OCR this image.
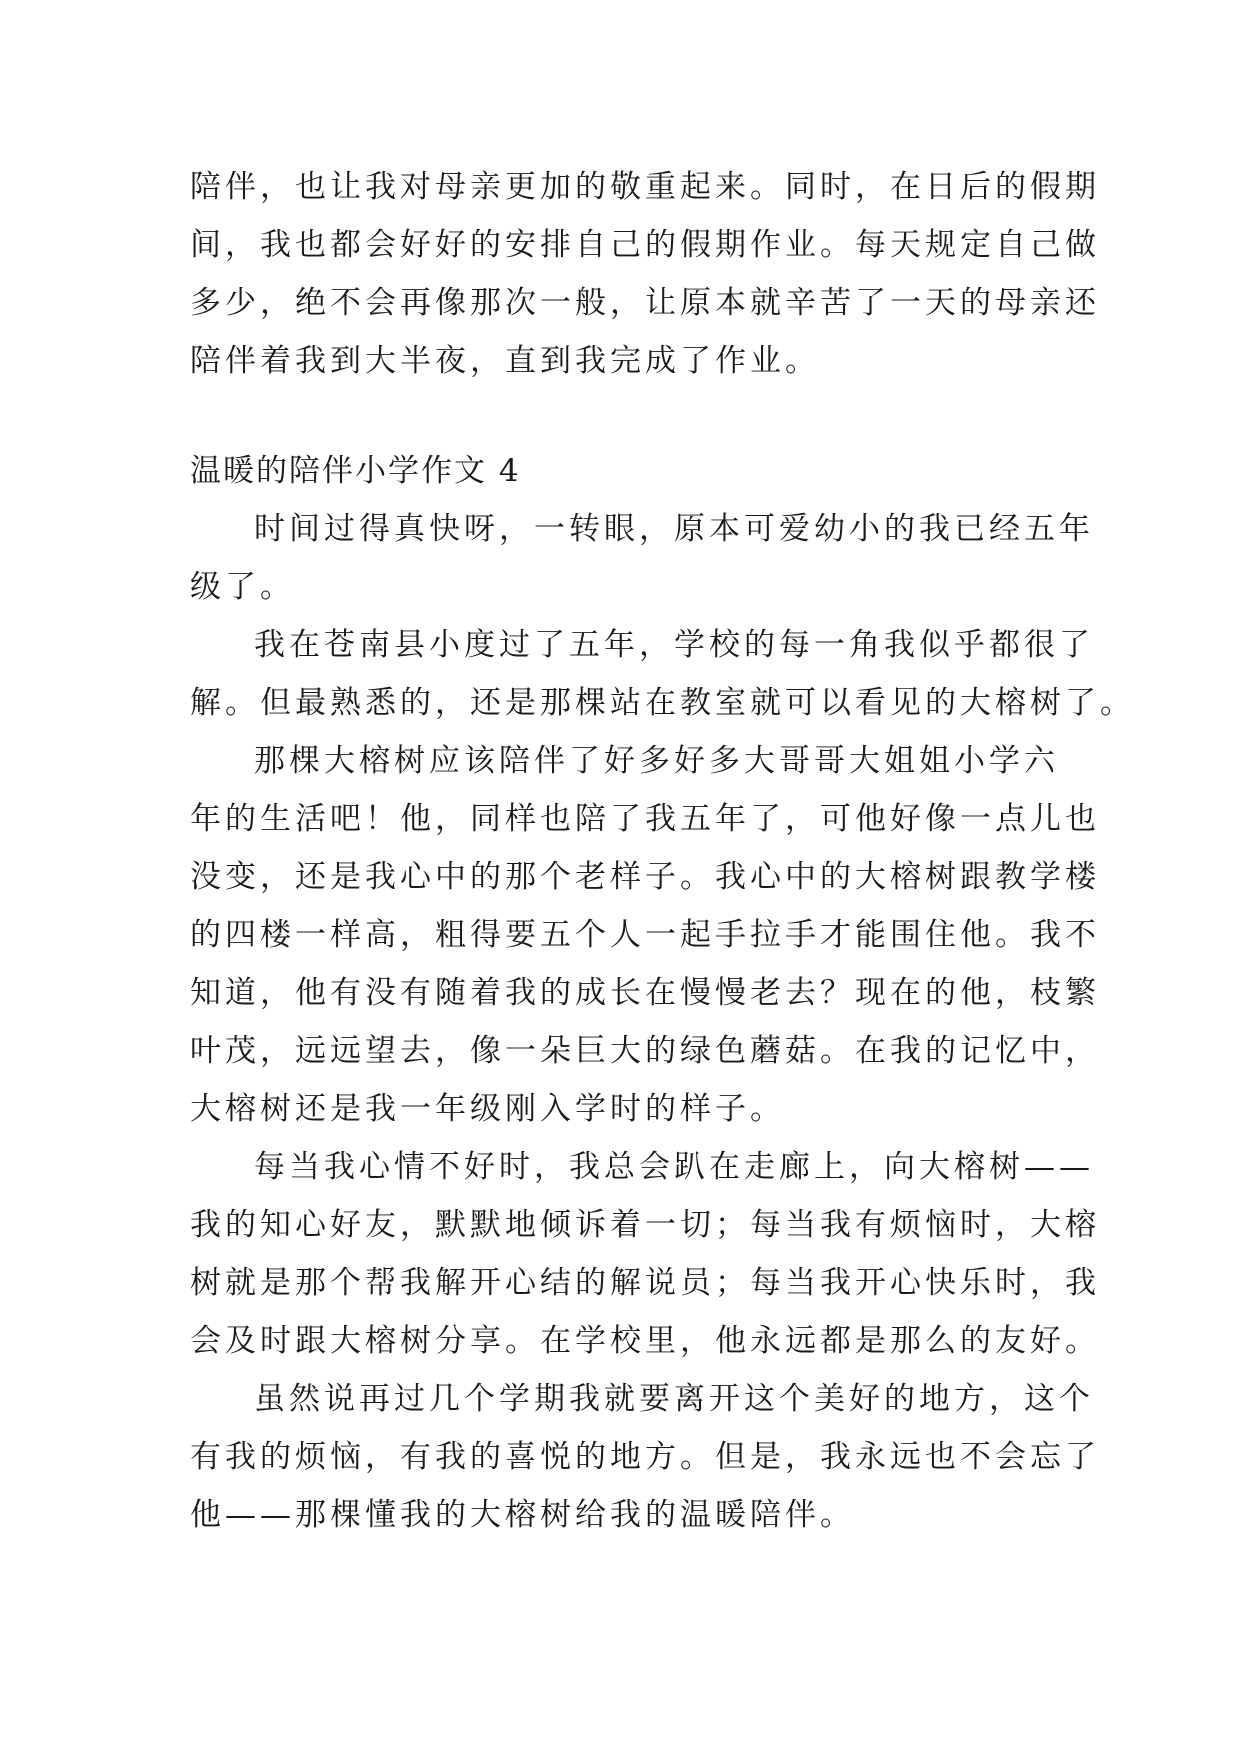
陪伴，也让我对母亲更加的敬重起来。同时，在日后的假期
间，我也都会好好的安排自己的假期作业。每天规定自己做
多少，绝不会再像那次一般，让原本就辛苦了一天的母亲还
陪伴着我到大半夜，直到我完成了作业。
温暖的陪伴小学作文 4
时间过得真快呀，一转眼，原本可爱幼小的我已经五年
级了。
我在苍南县小度过了五年，学校的每一角我似乎都很了
解。但最熟悉的，还是那棵站在教室就可以看见的大榕树了。
那棵大榕树应该陪伴了好多好多大哥哥大姐姐小学六
年的生活吧！他，同样也陪了我五年了，可他好像一点儿也
没变，还是我心中的那个老样子。我心中的大榕树跟教学楼
的四楼一样高，粗得要五个人一起手拉手才能围住他。我不
知道，他有没有随着我的成长在慢慢老去？现在的他，枝繁
叶茂，远远望去，像一朵巨大的绿色蘑菇。在我的记忆中，
大榕树还是我一年级刚入学时的样子。
每当我心情不好时，我总会趴在走廊上，向大榕树——
我的知心好友，默默地倾诉着一切；每当我有烦恼时，大榕
树就是那个帮我解开心结的解说员；每当我开心快乐时，我
会及时跟大榕树分享。在学校里，他永远都是那么的友好。
虽然说再过几个学期我就要离开这个美好的地方，这个
有我的烦恼，有我的喜悦的地方。但是，我永远也不会忘了
他——那棵懂我的大榕树给我的温暖陪伴。
